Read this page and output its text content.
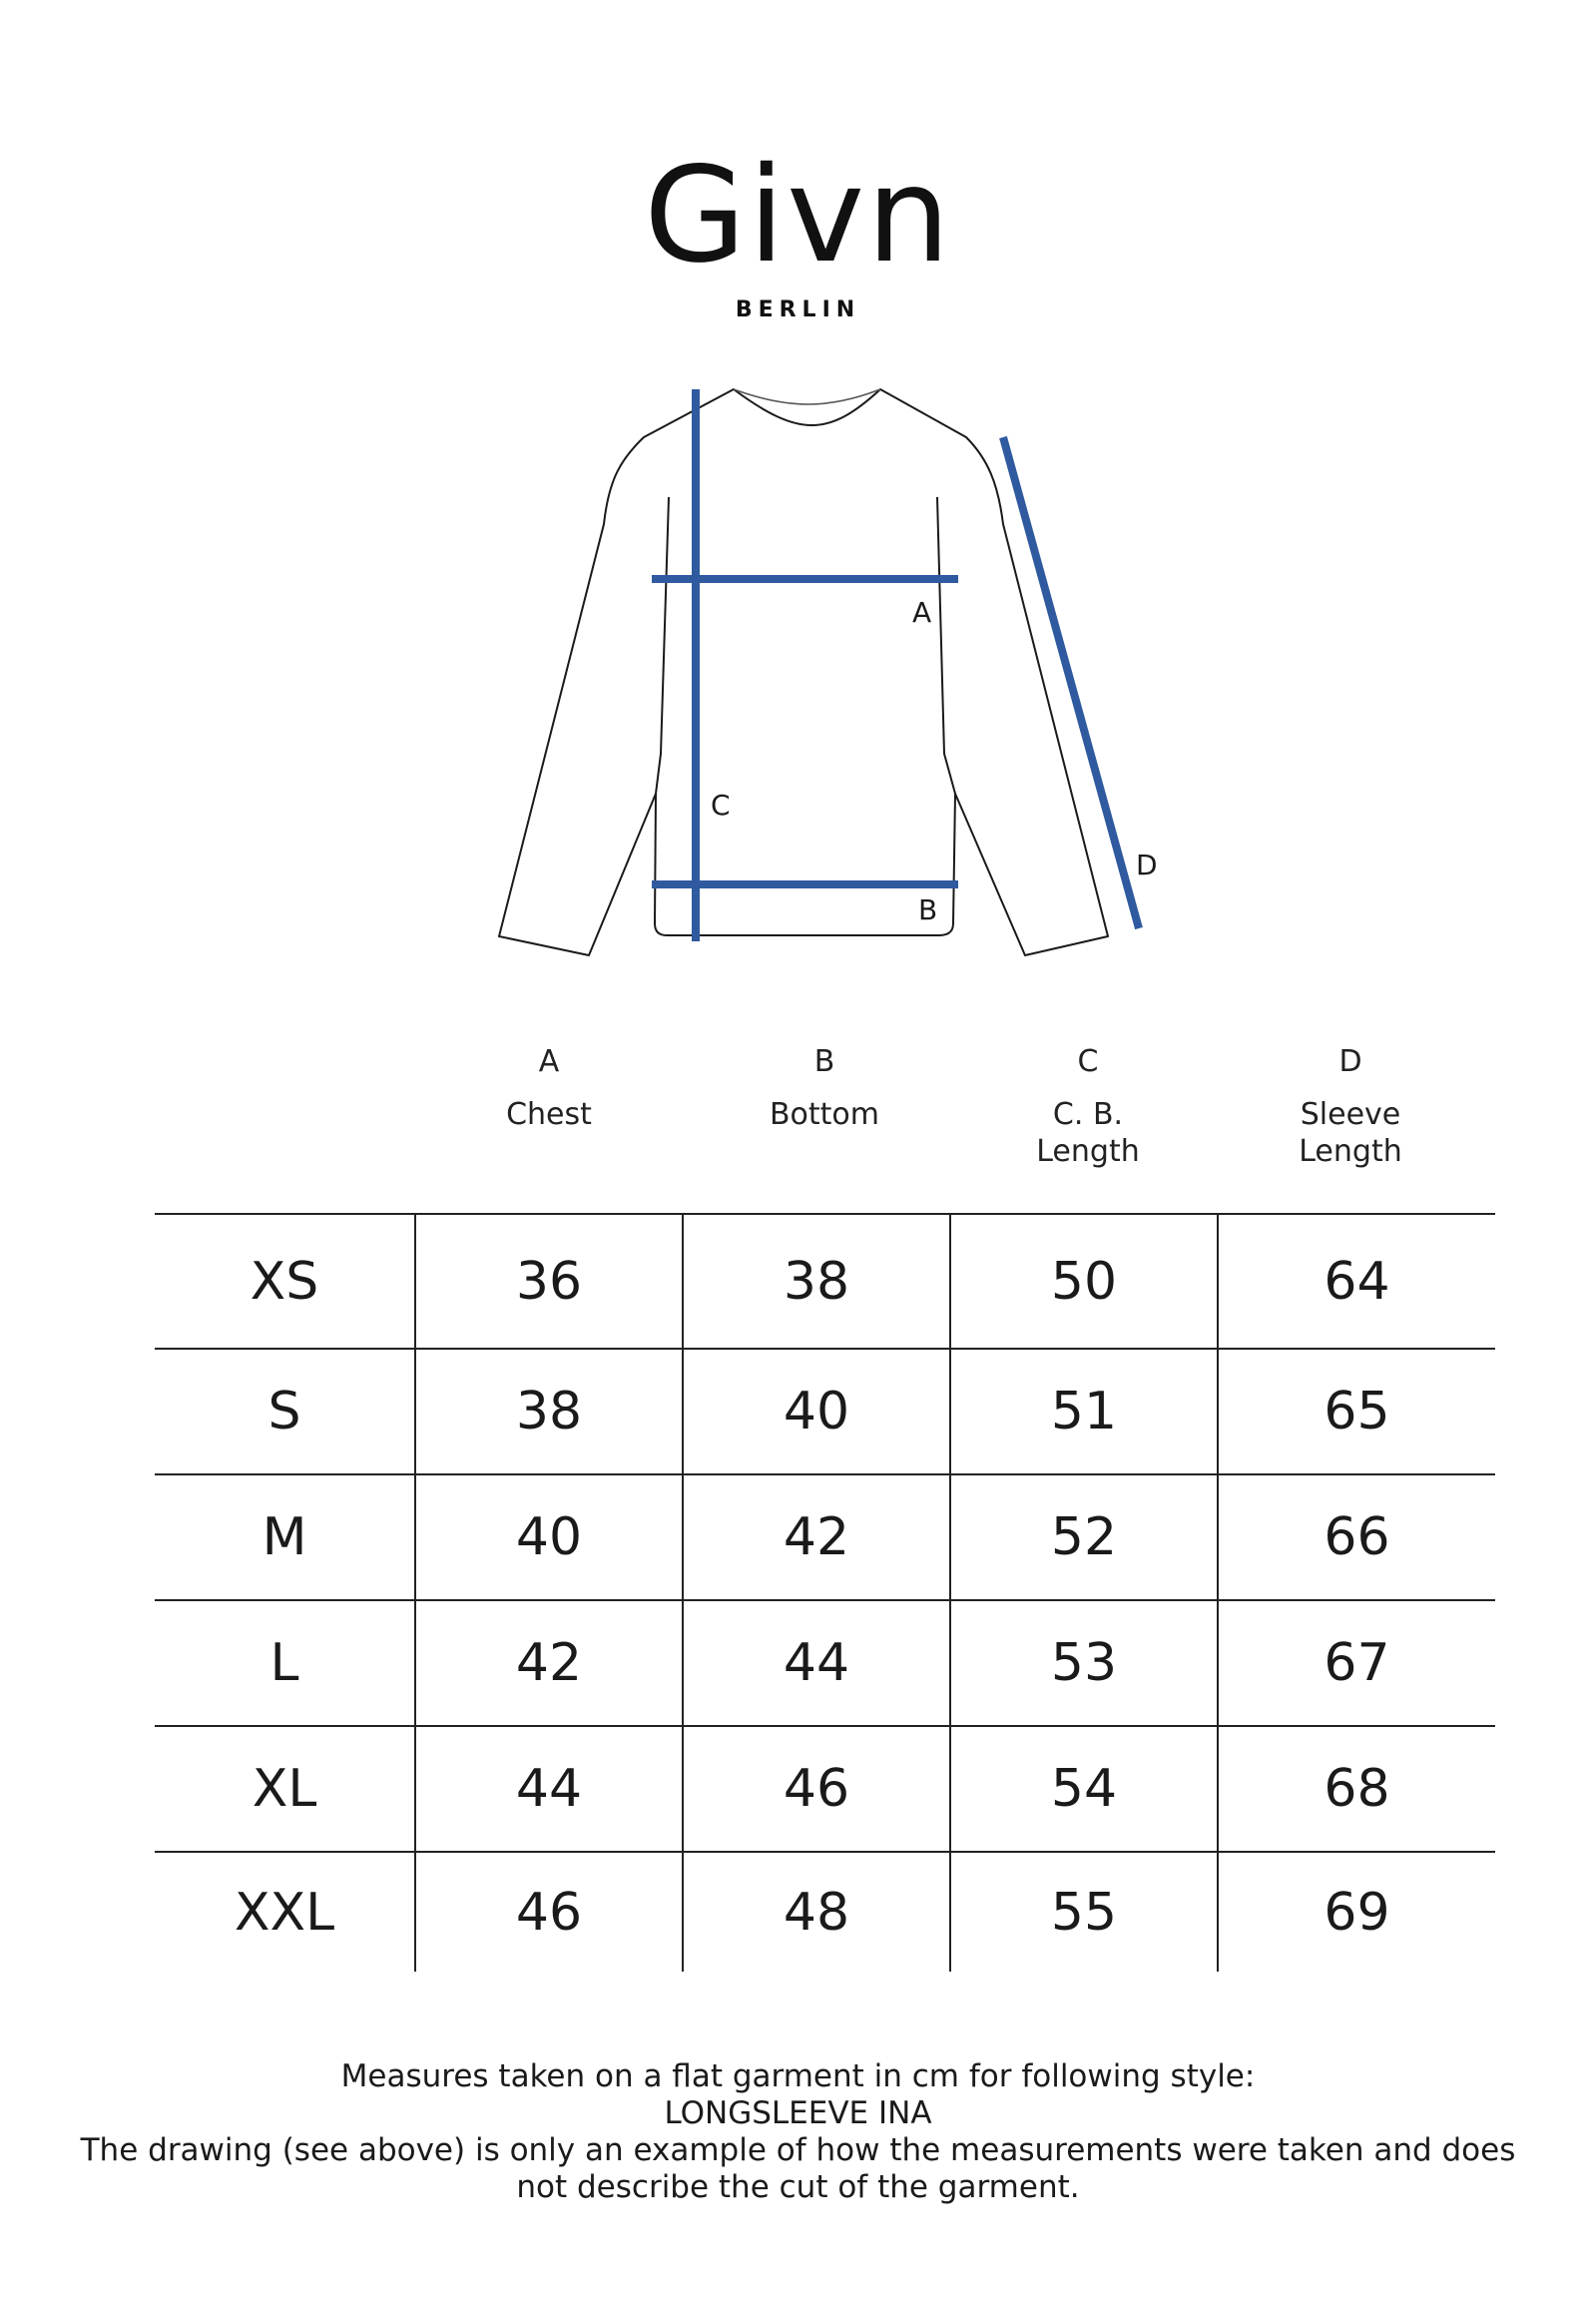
Givn
BERLIN
A
B
C
D
A
Chest
B
Bottom
C
C. B.
Length
D
Sleeve
Length
XS	36	38	50	64
S	38	40	51	65
M	40	42	52	66
L	42	44	53	67
XL	44	46	54	68
XXL	46	48	55	69
Measures taken on a flat garment in cm for following style:
LONGSLEEVE INA
The drawing (see above) is only an example of how the measurements were taken and does
not describe the cut of the garment.
